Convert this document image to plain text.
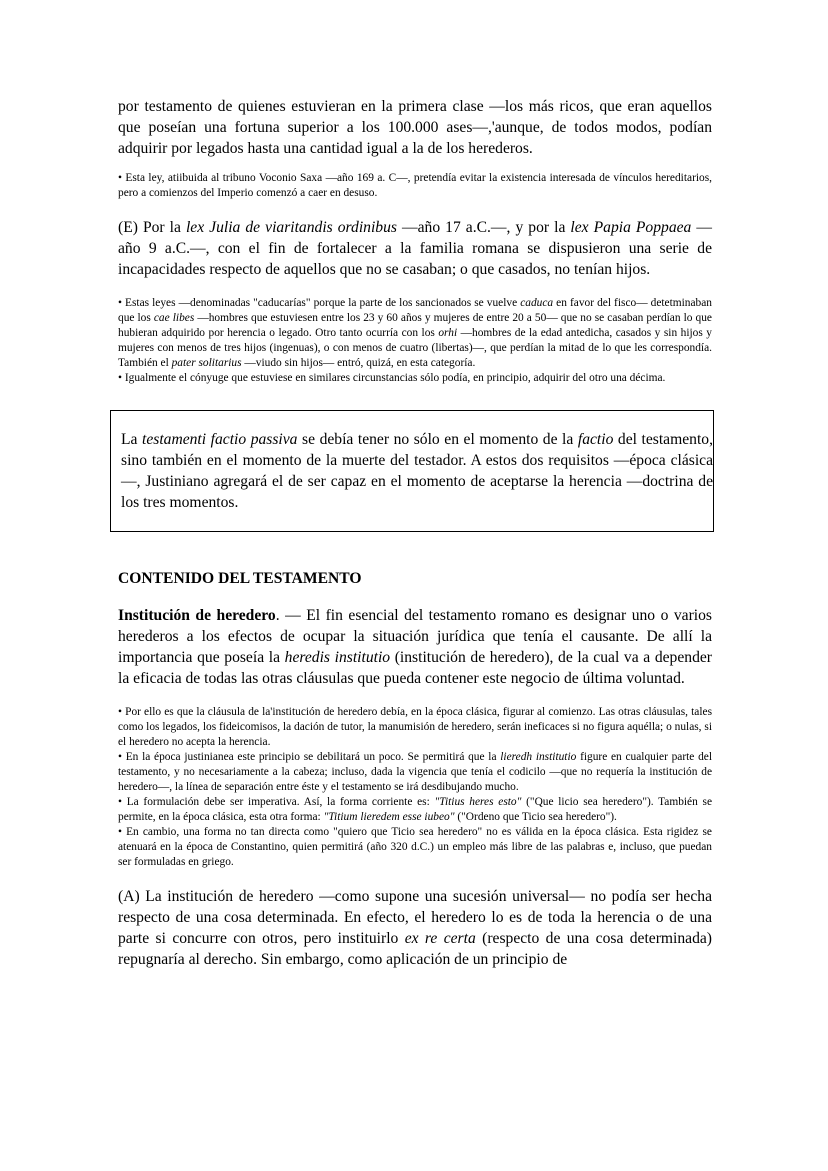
por testamento de quienes estuvieran en la primera clase —los más ricos, que eran aquellos que poseían una fortuna superior a los 100.000 ases—,'aunque, de todos modos, podían adquirir por legados hasta una cantidad igual a la de los herederos.

• Esta ley, atiibuida al tribuno Voconio Saxa —año 169 a. C—, pretendía evitar la existencia interesada de vínculos hereditarios, pero a comienzos del Imperio comenzó a caer en desuso.

(E) Por la lex Julia de viaritandis ordinibus —año 17 a.C.—, y por la lex Papia Poppaea —año 9 a.C.—, con el fin de fortalecer a la familia romana se dispusieron una serie de incapacidades respecto de aquellos que no se casaban; o que casados, no tenían hijos.

• Estas leyes —denominadas "caducarías" porque la parte de los sancionados se vuelve caduca en favor del fisco— detetminaban que los cae libes —hombres que estuviesen entre los 23 y 60 años y mujeres de entre 20 a 50— que no se casaban perdían lo que hubieran adquirido por herencia o legado. Otro tanto ocurría con los orhi —hombres de la edad antedicha, casados y sin hijos y mujeres con menos de tres hijos (ingenuas), o con menos de cuatro (libertas)—, que perdían la mitad de lo que les correspondía. También el pater solitarius —viudo sin hijos— entró, quizá, en esta categoría.

• Igualmente el cónyuge que estuviese en similares circunstancias sólo podía, en principio, adquirir del otro una décima.

La testamenti factio passiva se debía tener no sólo en el momento de la factio del testamento, sino también en el momento de la muerte del testador. A estos dos requisitos —época clásica—, Justiniano agregará el de ser capaz en el momento de aceptarse la herencia —doctrina de los tres momentos.

CONTENIDO DEL TESTAMENTO

Institución de heredero. — El fin esencial del testamento romano es designar uno o varios herederos a los efectos de ocupar la situación jurídica que tenía el causante. De allí la importancia que poseía la heredis institutio (institución de heredero), de la cual va a depender la eficacia de todas las otras cláusulas que pueda contener este negocio de última voluntad.

• Por ello es que la cláusula de la'institución de heredero debía, en la época clásica, figurar al comienzo. Las otras cláusulas, tales como los legados, los fideicomisos, la dación de tutor, la manumisión de heredero, serán ineficaces si no figura aquélla; o nulas, si el heredero no acepta la herencia.

• En la época justinianea este principio se debilitará un poco. Se permitirá que la lieredh institutio figure en cualquier parte del testamento, y no necesariamente a la cabeza; incluso, dada la vigencia que tenía el codicilo —que no requería la institución de heredero—, la línea de separación entre éste y el testamento se irá desdibujando mucho.

• La formulación debe ser imperativa. Así, la forma corriente es: "Titius heres esto" ("Que licio sea heredero"). También se permite, en la época clásica, esta otra forma: "Titium lieredem esse iubeo" ("Ordeno que Ticio sea heredero").

• En cambio, una forma no tan directa como "quiero que Ticio sea heredero" no es válida en la época clásica. Esta rigidez se atenuará en la época de Constantino, quien permitirá (año 320 d.C.) un empleo más libre de las palabras e, incluso, que puedan ser formuladas en griego.

(A) La institución de heredero —como supone una sucesión universal— no podía ser hecha respecto de una cosa determinada. En efecto, el heredero lo es de toda la herencia o de una parte si concurre con otros, pero instituirlo ex re certa (respecto de una cosa determinada) repugnaría al derecho. Sin embargo, como aplicación de un principio de
